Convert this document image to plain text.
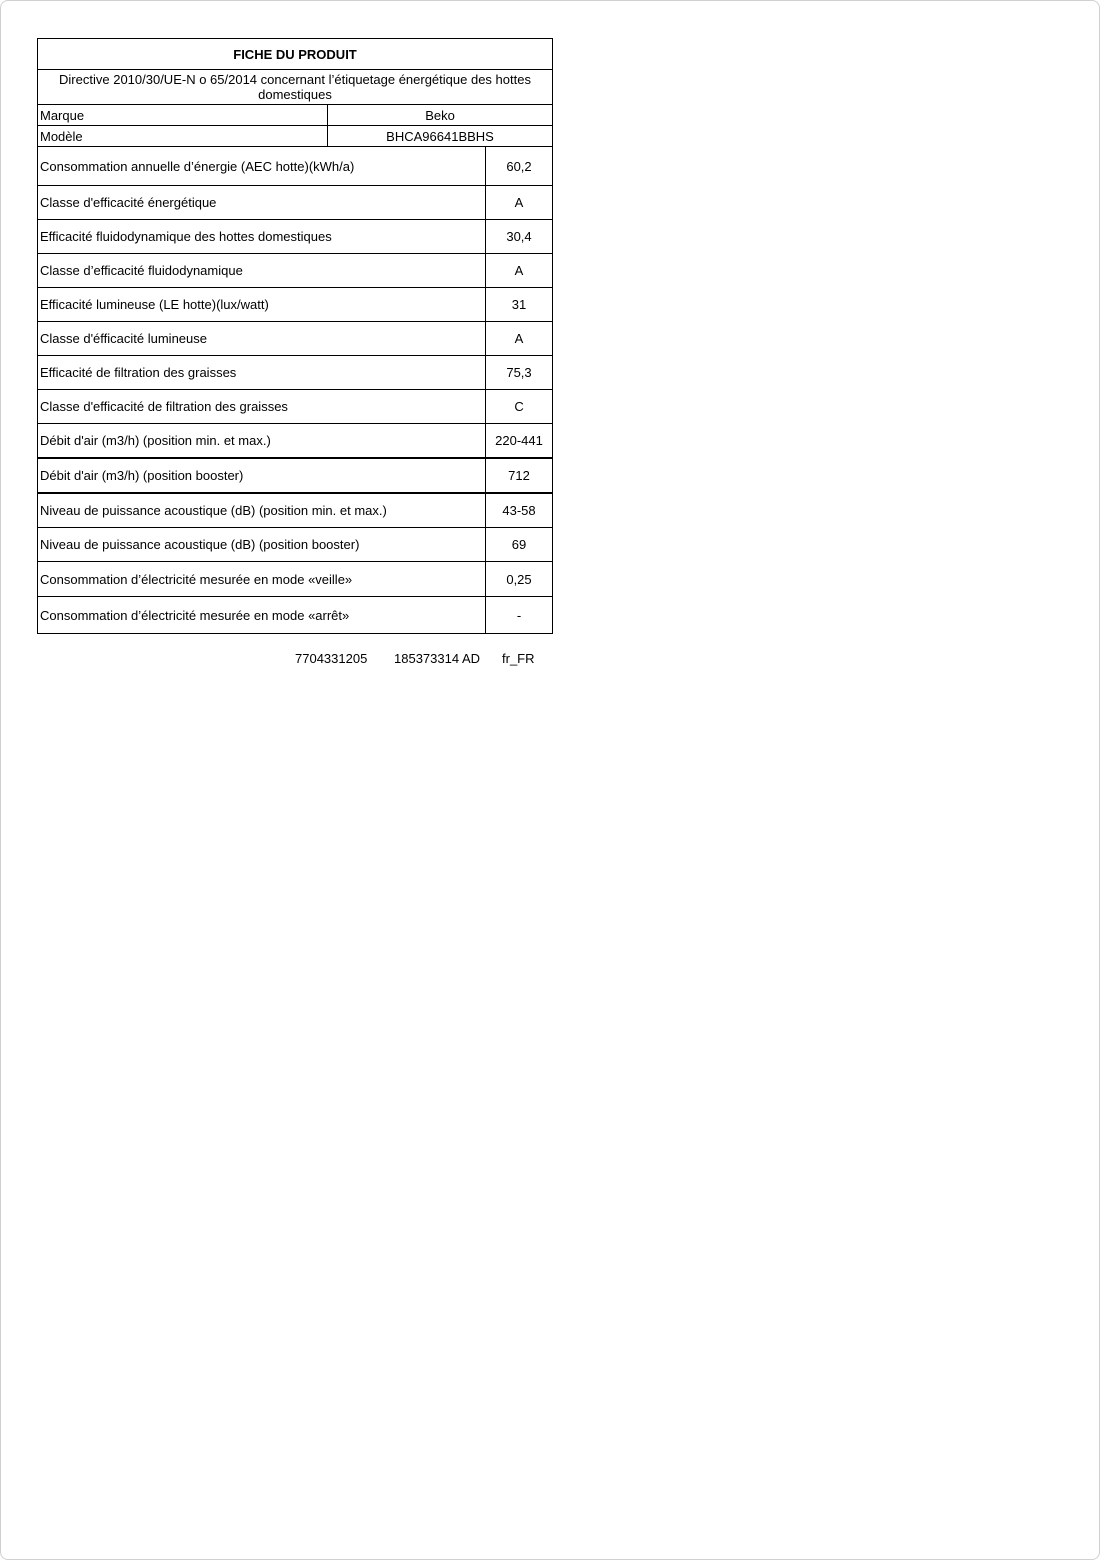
FICHE DU PRODUIT		
Directive 2010/30/UE-N o 65/2014 concernant l’étiquetage énergétique des hottes domestiques		
Marque	Beko	
Modèle	BHCA96641BBHS	
Consommation annuelle d’énergie (AEC hotte)(kWh/a)		60,2
Classe d'efficacité énergétique		A
Efficacité fluidodynamique des hottes domestiques		30,4
Classe d’efficacité fluidodynamique		A
Efficacité lumineuse (LE hotte)(lux/watt)		31
Classe d'éfficacité lumineuse		A
Efficacité de filtration des graisses		75,3
Classe d'efficacité de filtration des graisses		C
Débit d'air (m3/h) (position min. et max.)		220-441
Débit d'air (m3/h) (position booster)		712
Niveau de puissance acoustique (dB) (position min. et max.)		43-58
Niveau de puissance acoustique (dB) (position booster)		69
Consommation d’électricité mesurée en mode «veille»		0,25
Consommation d’électricité mesurée en mode «arrêt»		-
7704331205 185373314 AD fr_FR
